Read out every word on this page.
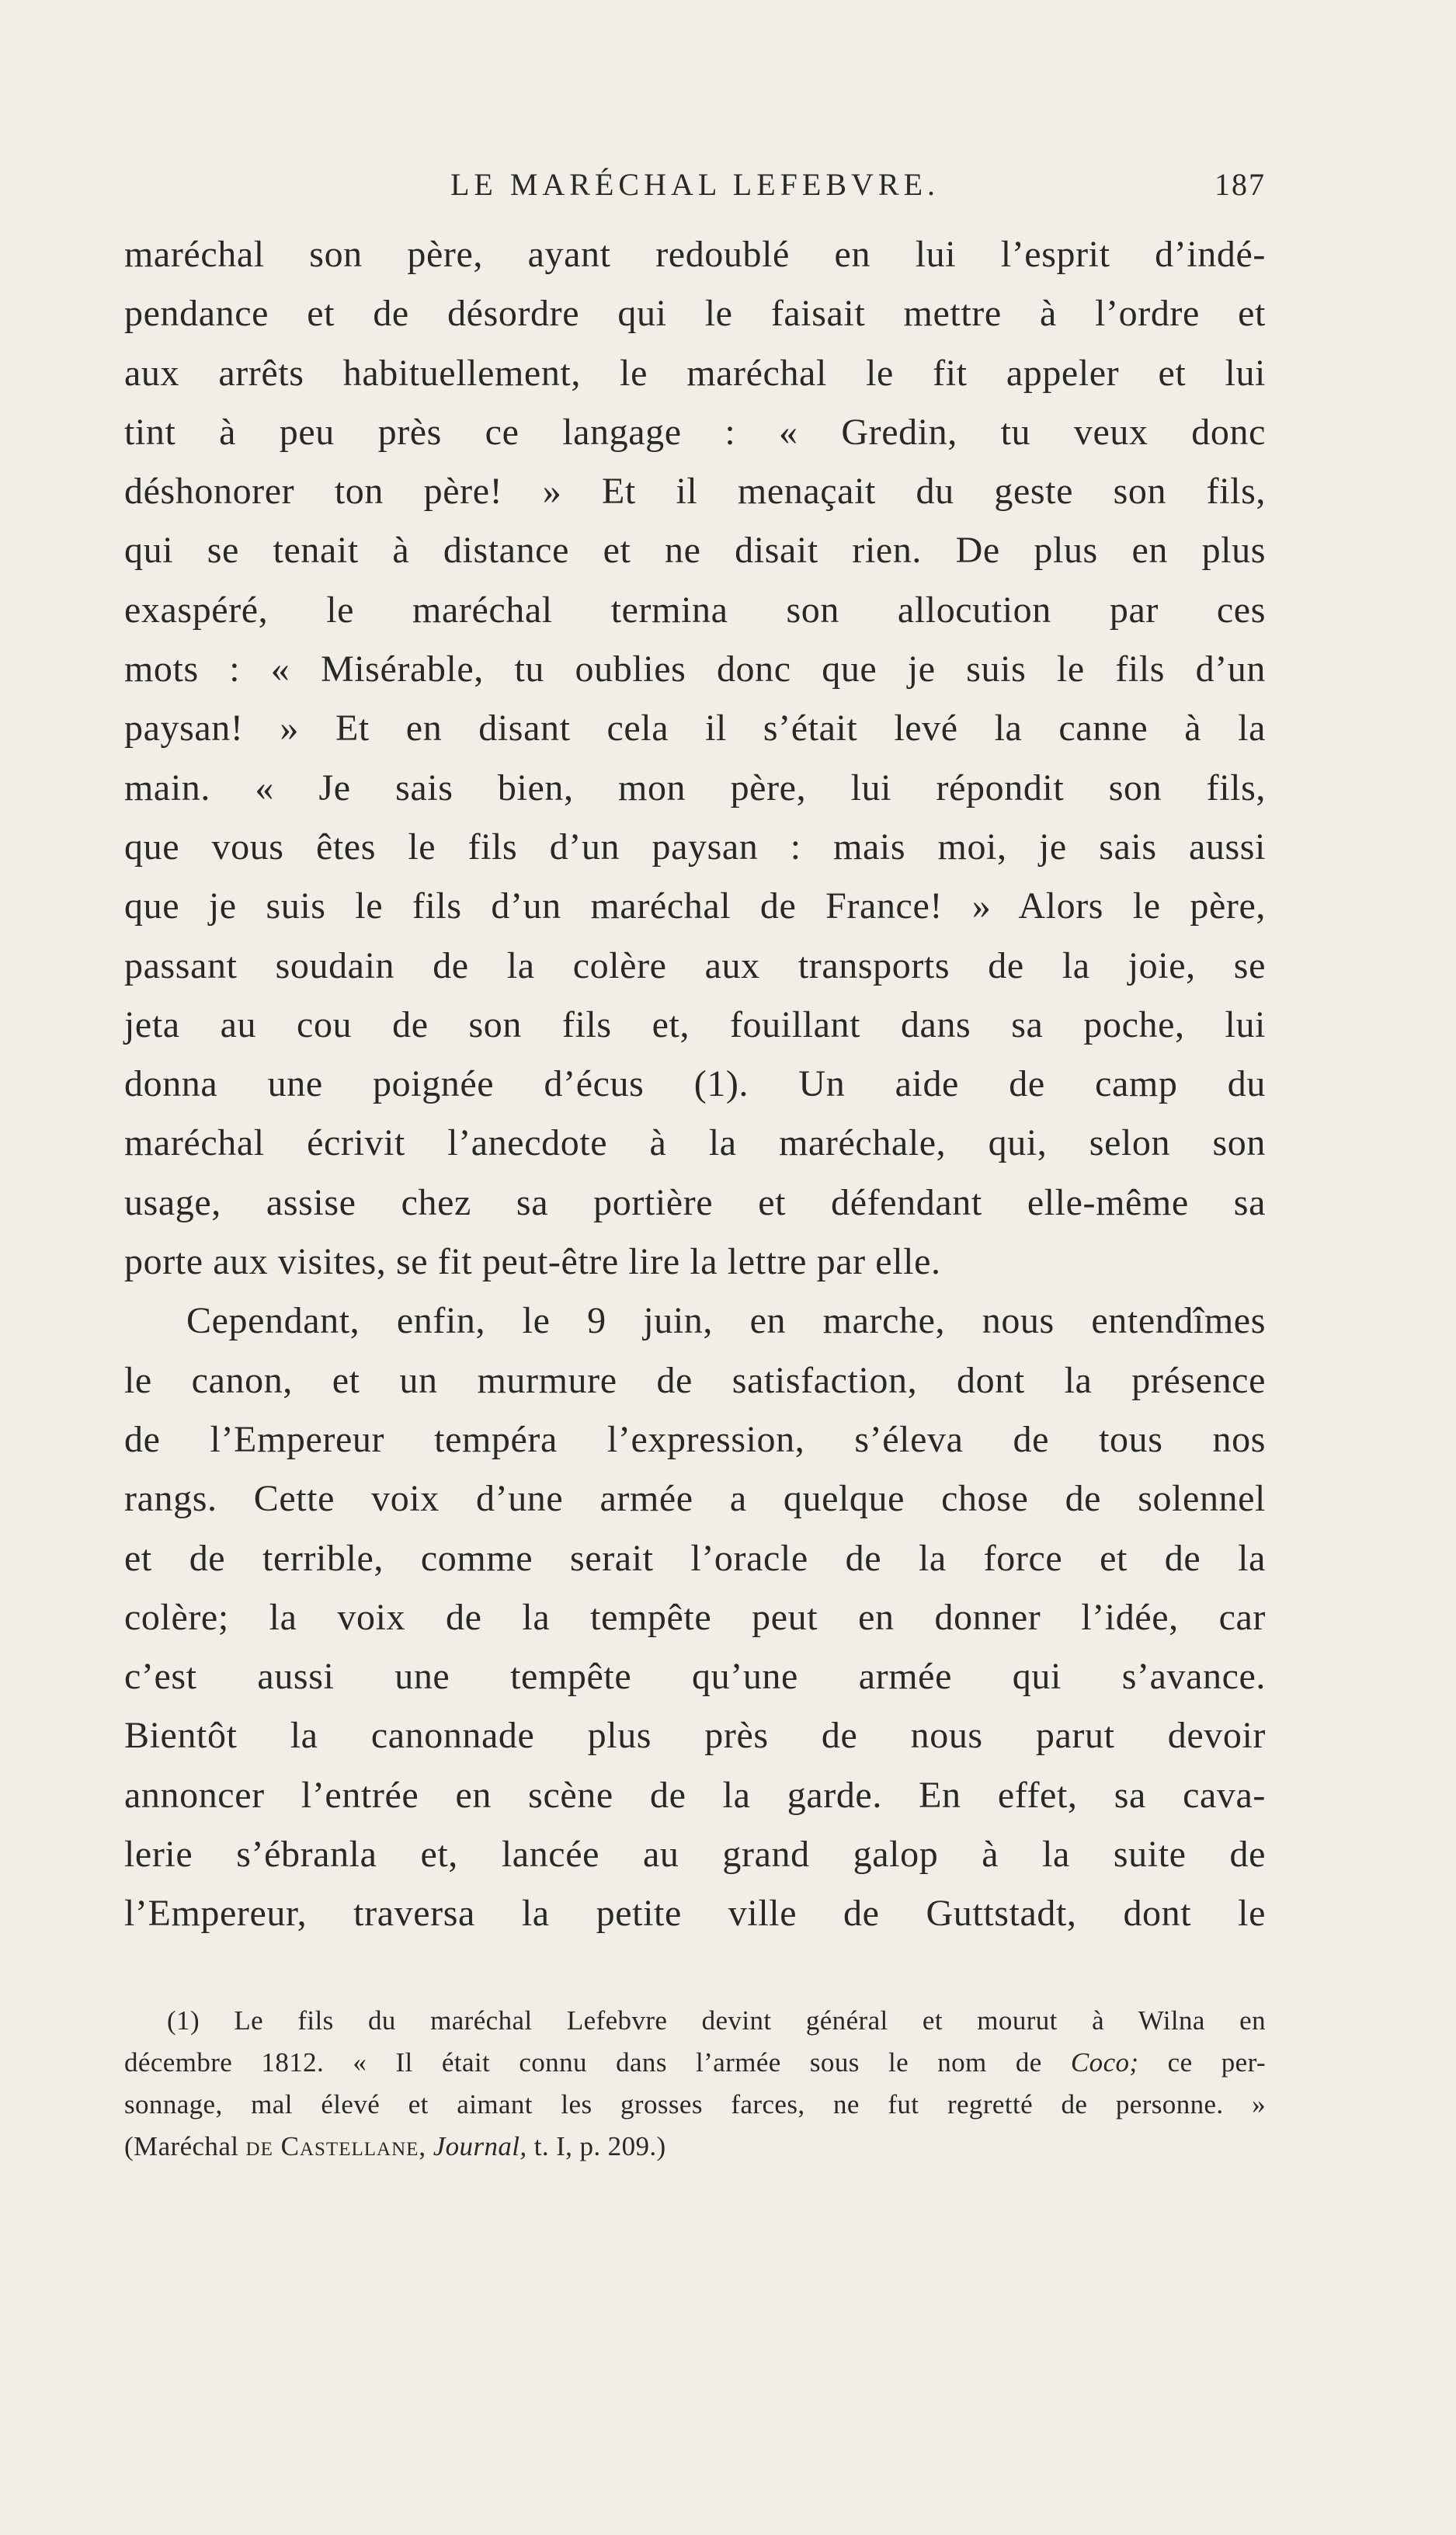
LE MARÉCHAL LEFEBVRE.	187
maréchal son père, ayant redoublé en lui l’esprit d’indé-
pendance et de désordre qui le faisait mettre à l’ordre et
aux arrêts habituellement, le maréchal le fit appeler et lui
tint à peu près ce langage : « Gredin, tu veux donc
déshonorer ton père! » Et il menaçait du geste son fils,
qui se tenait à distance et ne disait rien. De plus en plus
exaspéré, le maréchal termina son allocution par ces
mots : « Misérable, tu oublies donc que je suis le fils d’un
paysan! » Et en disant cela il s’était levé la canne à la
main. « Je sais bien, mon père, lui répondit son fils,
que vous êtes le fils d’un paysan : mais moi, je sais aussi
que je suis le fils d’un maréchal de France! » Alors le père,
passant soudain de la colère aux transports de la joie, se
jeta au cou de son fils et, fouillant dans sa poche, lui
donna une poignée d’écus (1). Un aide de camp du
maréchal écrivit l’anecdote à la maréchale, qui, selon son
usage, assise chez sa portière et défendant elle-même sa
porte aux visites, se fit peut-être lire la lettre par elle.
Cependant, enfin, le 9 juin, en marche, nous entendîmes
le canon, et un murmure de satisfaction, dont la présence
de l’Empereur tempéra l’expression, s’éleva de tous nos
rangs. Cette voix d’une armée a quelque chose de solennel
et de terrible, comme serait l’oracle de la force et de la
colère; la voix de la tempête peut en donner l’idée, car
c’est aussi une tempête qu’une armée qui s’avance.
Bientôt la canonnade plus près de nous parut devoir
annoncer l’entrée en scène de la garde. En effet, sa cava-
lerie s’ébranla et, lancée au grand galop à la suite de
l’Empereur, traversa la petite ville de Guttstadt, dont le
(1) Le fils du maréchal Lefebvre devint général et mourut à Wilna en
décembre 1812. « Il était connu dans l’armée sous le nom de Coco; ce per-
sonnage, mal élevé et aimant les grosses farces, ne fut regretté de personne. »
(Maréchal de Castellane, Journal, t. I, p. 209.)
